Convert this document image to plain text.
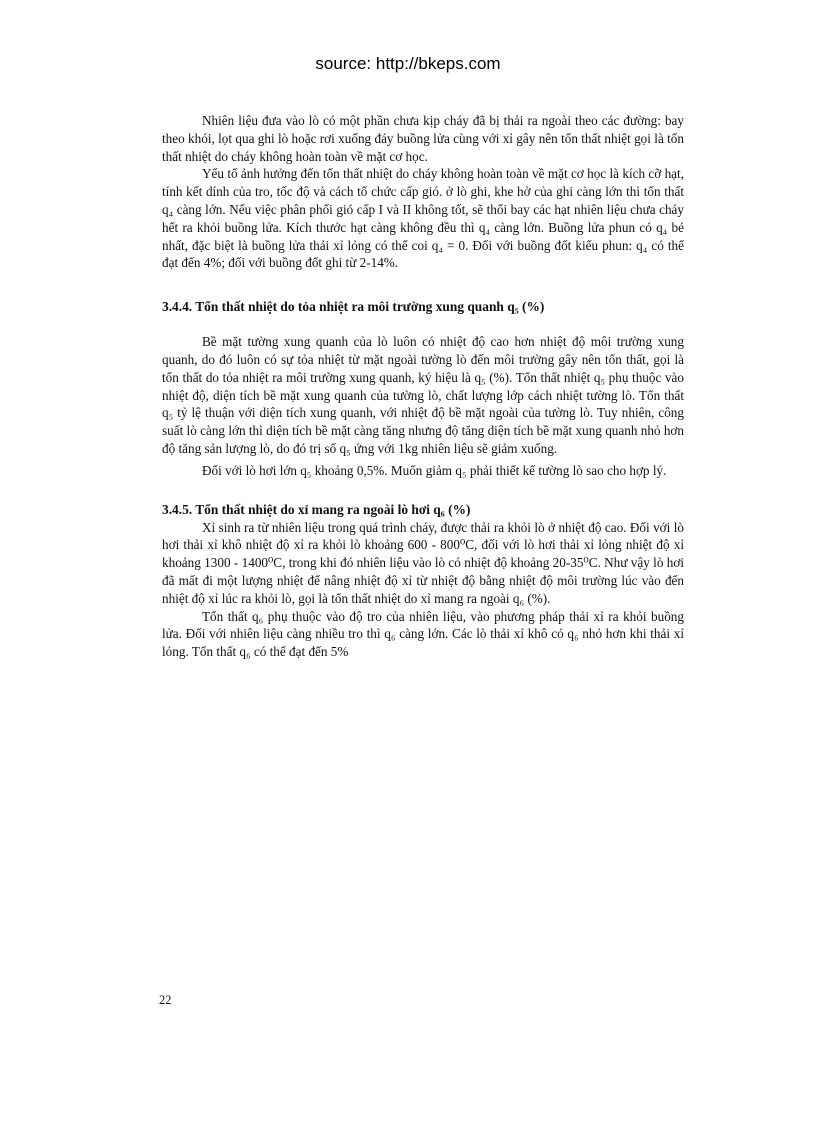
source: http://bkeps.com

Nhiên liệu đưa vào lò có một phần chưa kịp cháy đã bị thải ra ngoài theo các đường: bay theo khói, lọt qua ghi lò hoặc rơi xuống đáy buồng lửa cùng với xỉ gây nên tổn thất nhiệt gọi là tổn thất nhiệt do cháy không hoàn toàn về mặt cơ học.

Yếu tố ảnh hưởng đến tổn thất nhiệt do cháy không hoàn toàn về mặt cơ học là kích cỡ hạt, tính kết dính của tro, tốc độ và cách tổ chức cấp gió. ở lò ghi, khe hở của ghi càng lớn thì tổn thất q₄ càng lớn. Nếu việc phân phối gió cấp I và II không tốt, sẽ thổi bay các hạt nhiên liệu chưa cháy hết ra khỏi buồng lửa. Kích thước hạt càng không đều thì q₄ càng lớn. Buồng lửa phun có q₄ bé nhất, đặc biệt là buồng lửa thải xỉ lỏng có thể coi q₄ = 0. Đối với buồng đốt kiểu phun: q₄ có thể đạt đến 4%; đối với buồng đốt ghi từ 2-14%.

3.4.4. Tổn thất nhiệt do tỏa nhiệt ra môi trường xung quanh q₅ (%)

Bề mặt tường xung quanh của lò luôn có nhiệt độ cao hơn nhiệt độ môi trường xung quanh, do đó luôn có sự tỏa nhiệt từ mặt ngoài tường lò đến môi trường gây nên tổn thất, gọi là tổn thất do tỏa nhiệt ra môi trường xung quanh, ký hiệu là q₅ (%). Tổn thất nhiệt q₅ phụ thuộc vào nhiệt độ, diện tích bề mặt xung quanh của tường lò, chất lượng lớp cách nhiệt tường lò. Tổn thất q₅ tỷ lệ thuận với diện tích xung quanh, với nhiệt độ bề mặt ngoài của tường lò. Tuy nhiên, công suất lò càng lớn thì diện tích bề mặt càng tăng nhưng độ tăng diện tích bề mặt xung quanh nhỏ hơn độ tăng sản lượng lò, do đó trị số q₅ ứng với 1kg nhiên liệu sẽ giảm xuống.

Đối với lò hơi lớn q₅ khoảng 0,5%. Muốn giảm q₅ phải thiết kế tường lò sao cho hợp lý.

3.4.5. Tổn thất nhiệt do xỉ mang ra ngoài lò hơi q₆ (%)

Xỉ sinh ra từ nhiên liệu trong quá trình cháy, được thải ra khỏi lò ở nhiệt độ cao. Đối với lò hơi thải xỉ khô nhiệt độ xỉ ra khỏi lò khoảng 600 - 800⁰C, đối với lò hơi thải xỉ lỏng nhiệt độ xỉ khoảng 1300 - 1400⁰C, trong khi đó nhiên liệu vào lò có nhiệt độ khoảng 20-35⁰C. Như vậy lò hơi đã mất đi một lượng nhiệt để nâng nhiệt độ xỉ từ nhiệt độ bằng nhiệt độ môi trường lúc vào đến nhiệt độ xỉ lúc ra khỏi lò, gọi là tổn thất nhiệt do xỉ mang ra ngoài q₆ (%).

Tổn thất q₆ phụ thuộc vào độ tro của nhiên liệu, vào phương pháp thải xỉ ra khỏi buồng lửa. Đối với nhiên liệu càng nhiều tro thì q₆ càng lớn. Các lò thải xỉ khô có q₆ nhỏ hơn khi thải xỉ lỏng. Tổn thất q₆ có thể đạt đến 5%

22
